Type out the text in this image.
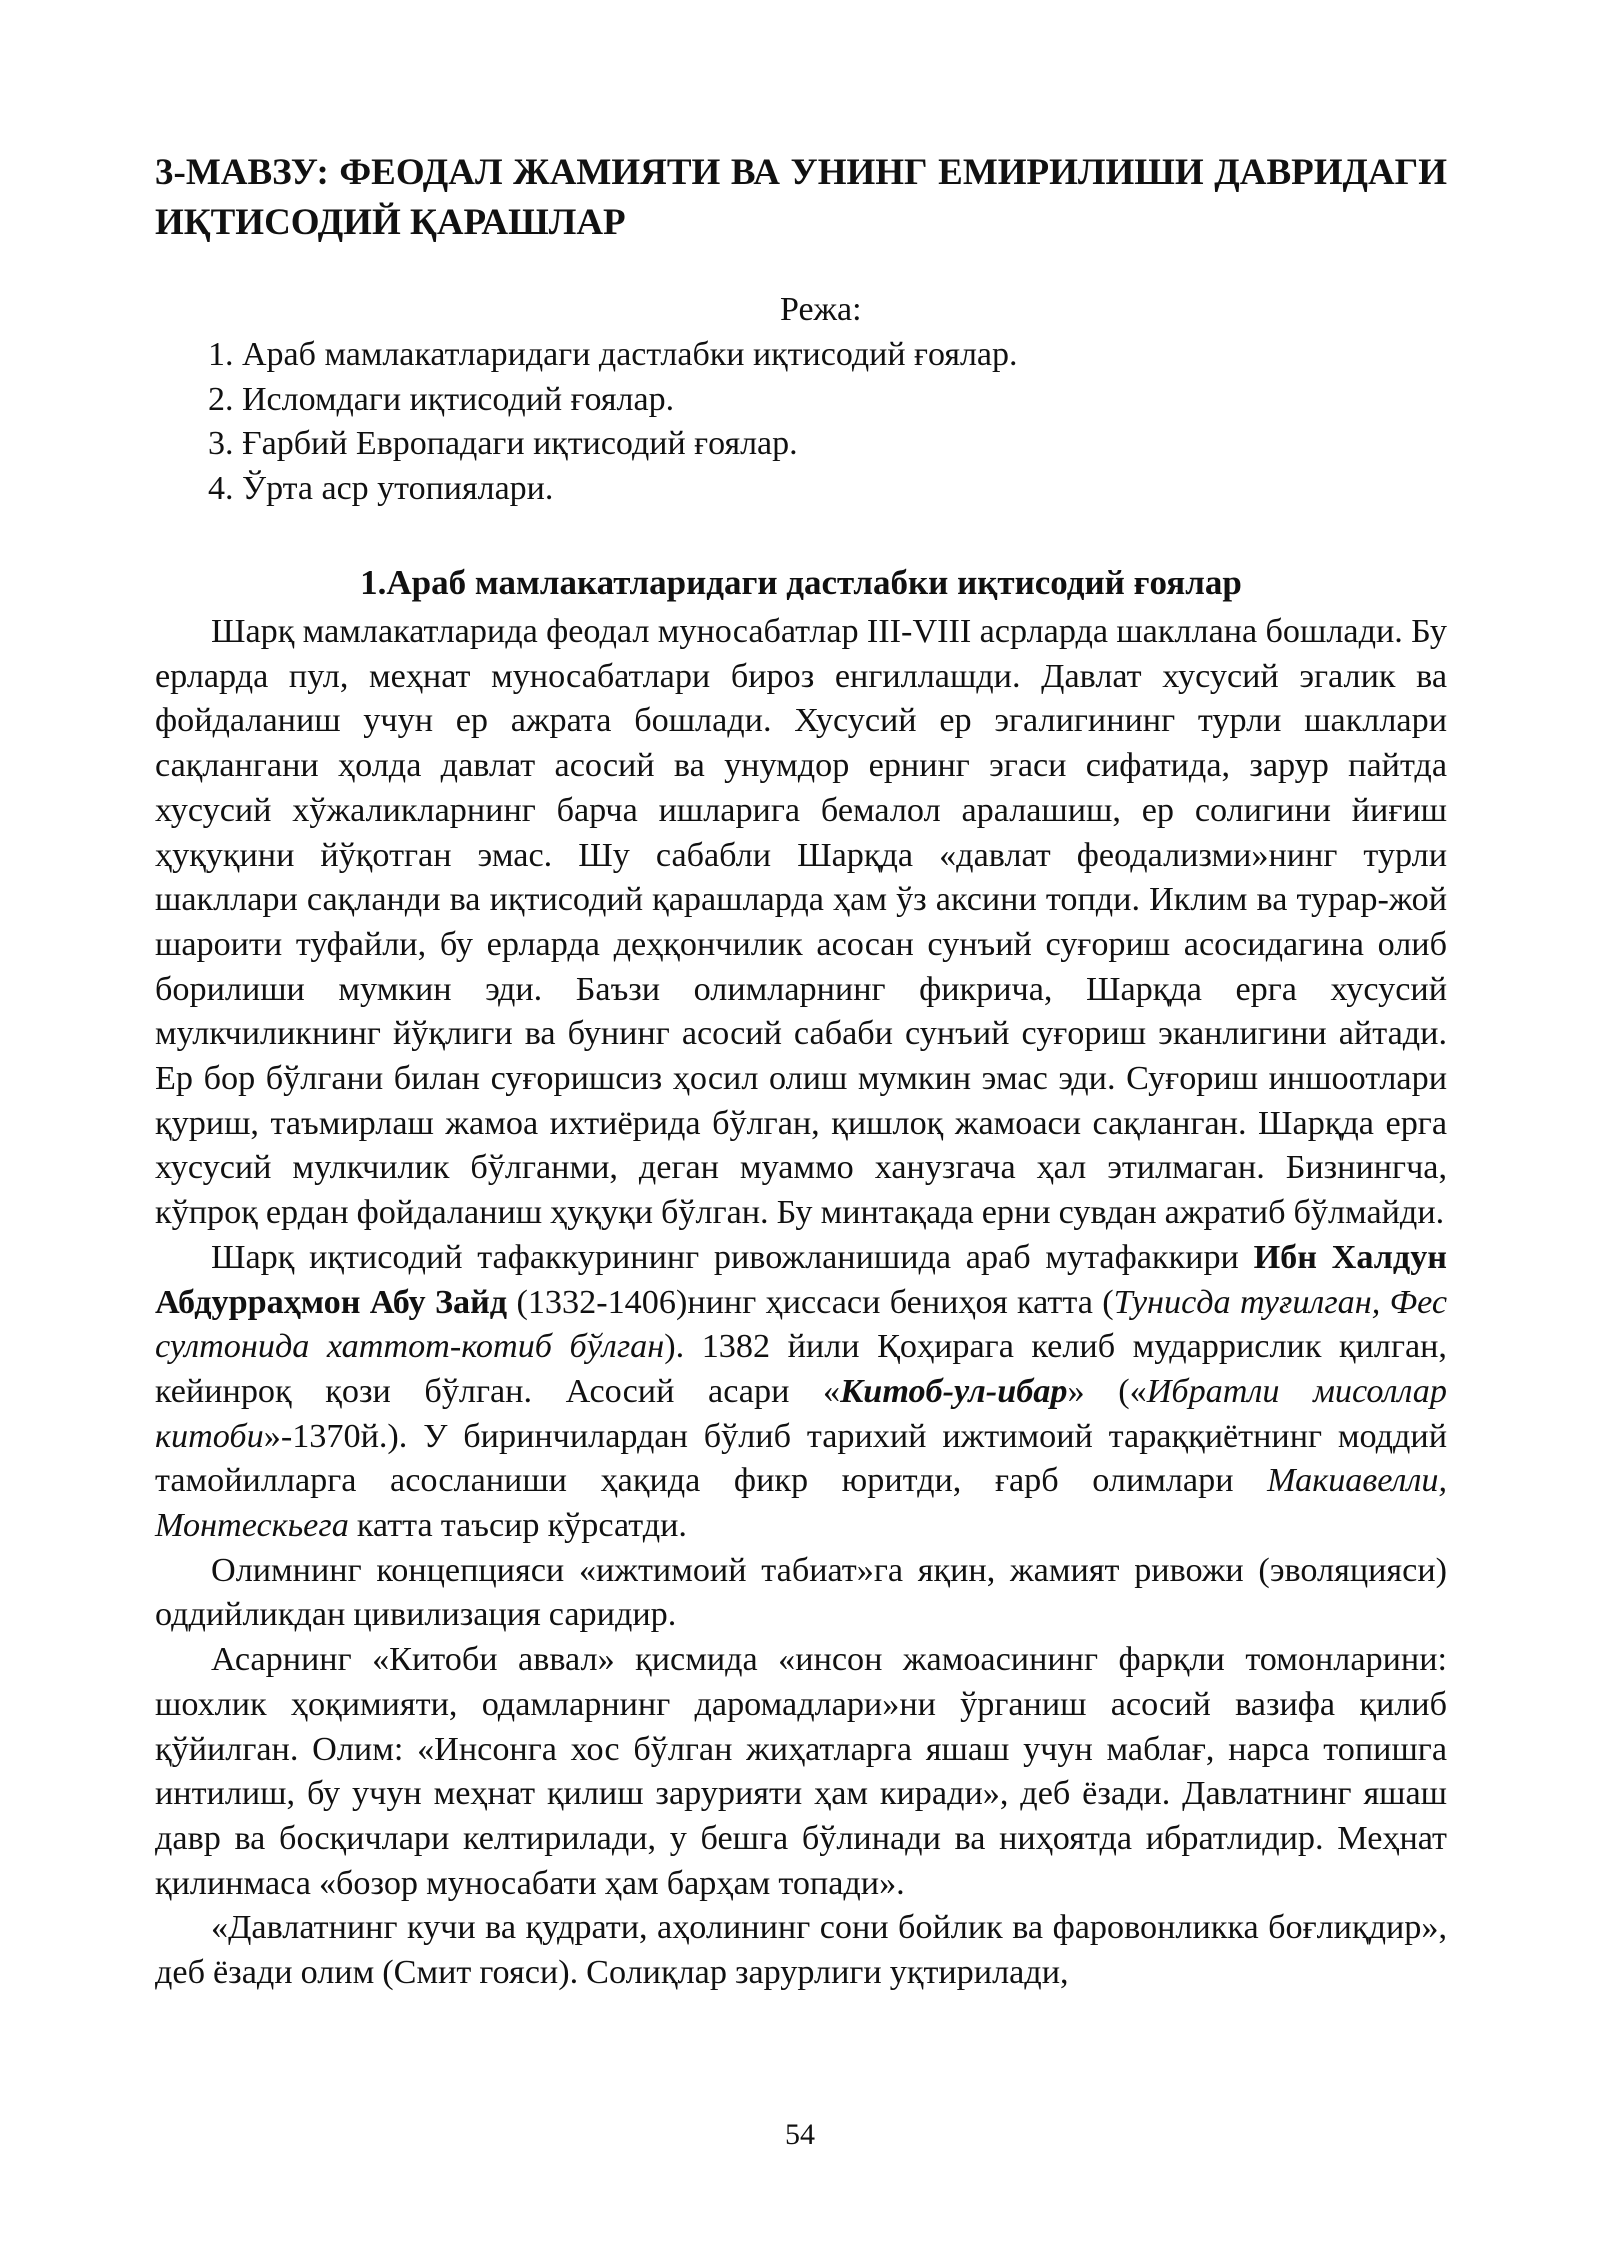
3-МАВЗУ: ФЕОДАЛ ЖАМИЯТИ ВА УНИНГ ЕМИРИЛИШИ ДАВРИДАГИ ИҚТИСОДИЙ ҚАРАШЛАР

Режа:

1. Араб мамлакатларидаги дастлабки иқтисодий ғоялар.
2. Исломдаги иқтисодий ғоялар.
3. Ғарбий Европадаги иқтисодий ғоялар.
4. Ўрта аср утопиялари.
1.Араб мамлакатларидаги дастлабки иқтисодий ғоялар

Шарқ мамлакатларида феодал муносабатлар III-VIII асрларда шакллана бошлади. Бу ерларда пул, меҳнат муносабатлари бироз енгиллашди. Давлат хусусий эгалик ва фойдаланиш учун ер ажрата бошлади. Хусусий ер эгалигининг турли шакллари сақлангани ҳолда давлат асосий ва унумдор ернинг эгаси сифатида, зарур пайтда хусусий хўжаликларнинг барча ишларига бемалол аралашиш, ер солигини йиғиш ҳуқуқини йўқотган эмас. Шу сабабли Шарқда «давлат феодализми»нинг турли шакллари сақланди ва иқтисодий қарашларда ҳам ўз аксини топди. Иклим ва турар-жой шароити туфайли, бу ерларда деҳқончилик асосан сунъий суғориш асосидагина олиб борилиши мумкин эди. Баъзи олимларнинг фикрича, Шарқда ерга хусусий мулкчиликнинг йўқлиги ва бунинг асосий сабаби сунъий суғориш эканлигини айтади. Ер бор бўлгани билан суғоришсиз ҳосил олиш мумкин эмас эди. Суғориш иншоотлари қуриш, таъмирлаш жамоа ихтиёрида бўлган, қишлоқ жамоаси сақланган. Шарқда ерга хусусий мулкчилик бўлганми, деган муаммо ханузгача ҳал этилмаган. Бизнингча, кўпроқ ердан фойдаланиш ҳуқуқи бўлган. Бу минтақада ерни сувдан ажратиб бўлмайди.

Шарқ иқтисодий тафаккурининг ривожланишида араб мутафаккири Ибн Халдун Абдурраҳмон Абу Зайд (1332-1406)нинг ҳиссаси бениҳоя катта (Тунисда туғилган, Фес султонида хаттот-котиб бўлган). 1382 йили Қоҳирага келиб мударрислик қилган, кейинроқ қози бўлган. Асосий асари «Китоб-ул-ибар» («Ибратли мисоллар китоби»-1370й.). У биринчилардан бўлиб тарихий ижтимоий тараққиётнинг моддий тамойилларга асосланиши ҳақида фикр юритди, ғарб олимлари Макиавелли, Монтескьега катта таъсир кўрсатди.

Олимнинг концепцияси «ижтимоий табиат»га яқин, жамият ривожи (эволяцияси) оддийликдан цивилизация саридир.

Асарнинг «Китоби аввал» қисмида «инсон жамоасининг фарқли томонларини: шохлик ҳоқимияти, одамларнинг даромадлари»ни ўрганиш асосий вазифа қилиб қўйилган. Олим: «Инсонга хос бўлган жиҳатларга яшаш учун маблағ, нарса топишга интилиш, бу учун меҳнат қилиш зарурияти ҳам киради», деб ёзади. Давлатнинг яшаш давр ва босқичлари келтирилади, у бешга бўлинади ва ниҳоятда ибратлидир. Меҳнат қилинмаса «бозор муносабати ҳам барҳам топади».

«Давлатнинг кучи ва қудрати, аҳолининг сони бойлик ва фаровонликка боғлиқдир», деб ёзади олим (Смит гояси). Солиқлар зарурлиги уқтирилади,

54
